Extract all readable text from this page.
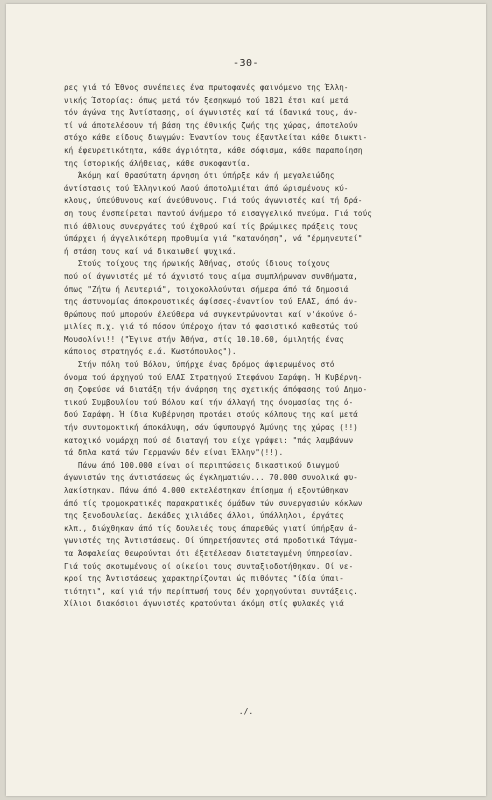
-30-
ρες γιά τό Έθνος συνέπειες ένα πρωτοφανές φαινόμενο της Έλλη-
νικής Ίστορίας: όπως μετά τόν ξεσηκωμό τού 1821 έτσι καί μετά
τόν άγώνα της Άντίστασης, οί άγωνιστές καί τά ίδανικά τους, άν-
τί νά άποτελέσουν τή βάση της έθνικής ζωής της χώρας, άποτελούν
στόχο κάθε είδους διωγμών: Έναντίον τους έξαντλείται κάθε διωκτι-
κή έφευρετικότητα, κάθε άγριότητα, κάθε σόφισμα, κάθε παραποίηση
της ίστορικής άλήθειας, κάθε συκοφαντία.
Άκόμη καί θρασύτατη άρνηση ότι ύπήρξε κάν ή μεγαλειώδης
άντίστασις τού Έλληνικού Λαού άποτολμιέται άπό ώρισμένους κύ-
κλους, ύπεύθυνους καί άνεύθυνους. Γιά τούς άγωνιστές καί τή δρά-
ση τους ένσπείρεται παντού άνήμερο τό εισαγγελικό πνεύμα. Γιά τούς
πιό άθλιους συνεργάτες τού έχθρού καί τίς βρώμικες πράξεις τους
ύπάρχει ή άγγελικότερη προθυμία γιά "κατανόηση", νά "έρμηνευτεί"
ή στάση τους καί νά δικαιωθεί ψυχικά.
Στούς τοίχους της ήρωικής Άθήνας, στούς ίδιους τοίχους
πού οί άγωνιστές μέ τό άχνιστό τους αίμα συμπλήρωναν συνθήματα,
όπως "Ζήτω ή Λευτεριά", τοιχοκολλούνται σήμερα άπό τά δημοσιά
της άστυνομίας άποκρουστικές άφίσσες-έναντίον τού ΕΛΑΣ, άπό άν-
θρώπους πού μπορούν έλεύθερα νά συγκεντρώνονται καί ν'άκούνε ό-
μιλίες π.χ. γιά τό πόσον ύπέροχο ήταν τό φασιστικό καθεστώς τού
Μουσολίνι!! ("Έγινε στήν Άθήνα, στίς 10.10.60, όμιλητής ένας
κάποιος στρατηγός ε.ά. Κωστόπουλος").
Στήν πόλη τού Βόλου, ύπήρχε ένας δρόμος άφιερωμένος στό
όνομα τού άρχηγού τού ΕΛΑΣ Στρατηγού Στεφάνου Σαράφη. Ή Κυβέρνη-
ση ζοφεύσε νά διατάξη τήν άνάρηση της σχετικής άπόφασης τού Δημο-
τικού Συμβουλίου τού Βόλου καί τήν άλλαγή της όνομασίας της ό-
δού Σαράφη. Ή ίδια Κυβέρνηση προτάει στούς κόλπους της καί μετά
τήν συντομοκτική άποκάλυψη, σάν ύφυπουργό Άμύνης της χώρας (!!)
κατοχικό νομάρχη πού σέ διαταγή του είχε γράψει: "πάς λαμβάνων
τά δπλα κατά τών Γερμανών δέν είναι Έλλην"(!!).
Πάνω άπό 100.000 είναι οί περιπτώσεις δικαστικού διωγμού
άγωνιστών της άντιστάσεως ώς έγκληματιών... 70.000 συνολικά φυ-
λακίστηκαν. Πάνω άπό 4.000 εκτελέστηκαν έπίσημα ή εξοντώθηκαν
άπό τίς τρομοκρατικές παρακρατικές όμάδων τών συνεργασιών κόκλων
της ξενοδουλείας. Δεκάδες χιλιάδες άλλοι, ύπάλληλοι, έργάτες
κλπ., διώχθηκαν άπό τίς δουλειές τους άπαρεθώς γιατί ύπήρξαν ά-
γωνιστές της Άντιστάσεως. Οί ύπηρετήσαντες στά προδοτικά Τάγμα-
τα Άσφαλείας θεωρούνται ότι έξετέλεσαν διατεταγμένη ύπηρεσίαν.
Γιά τούς σκοτωμένους οί οίκείοι τους συνταξιοδοτήθηκαν. Οί νε-
κροί της Άντιστάσεως χαρακτηρίζονται ώς πιθόντες "ίδία ύπαι-
τιότητι", καί γιά τήν περίπτωσή τους δέν χορηγούνται συντάξεις.
Χίλιοι διακόσιοι άγωνιστές κρατούνται άκόμη στίς φυλακές γιά
./.
